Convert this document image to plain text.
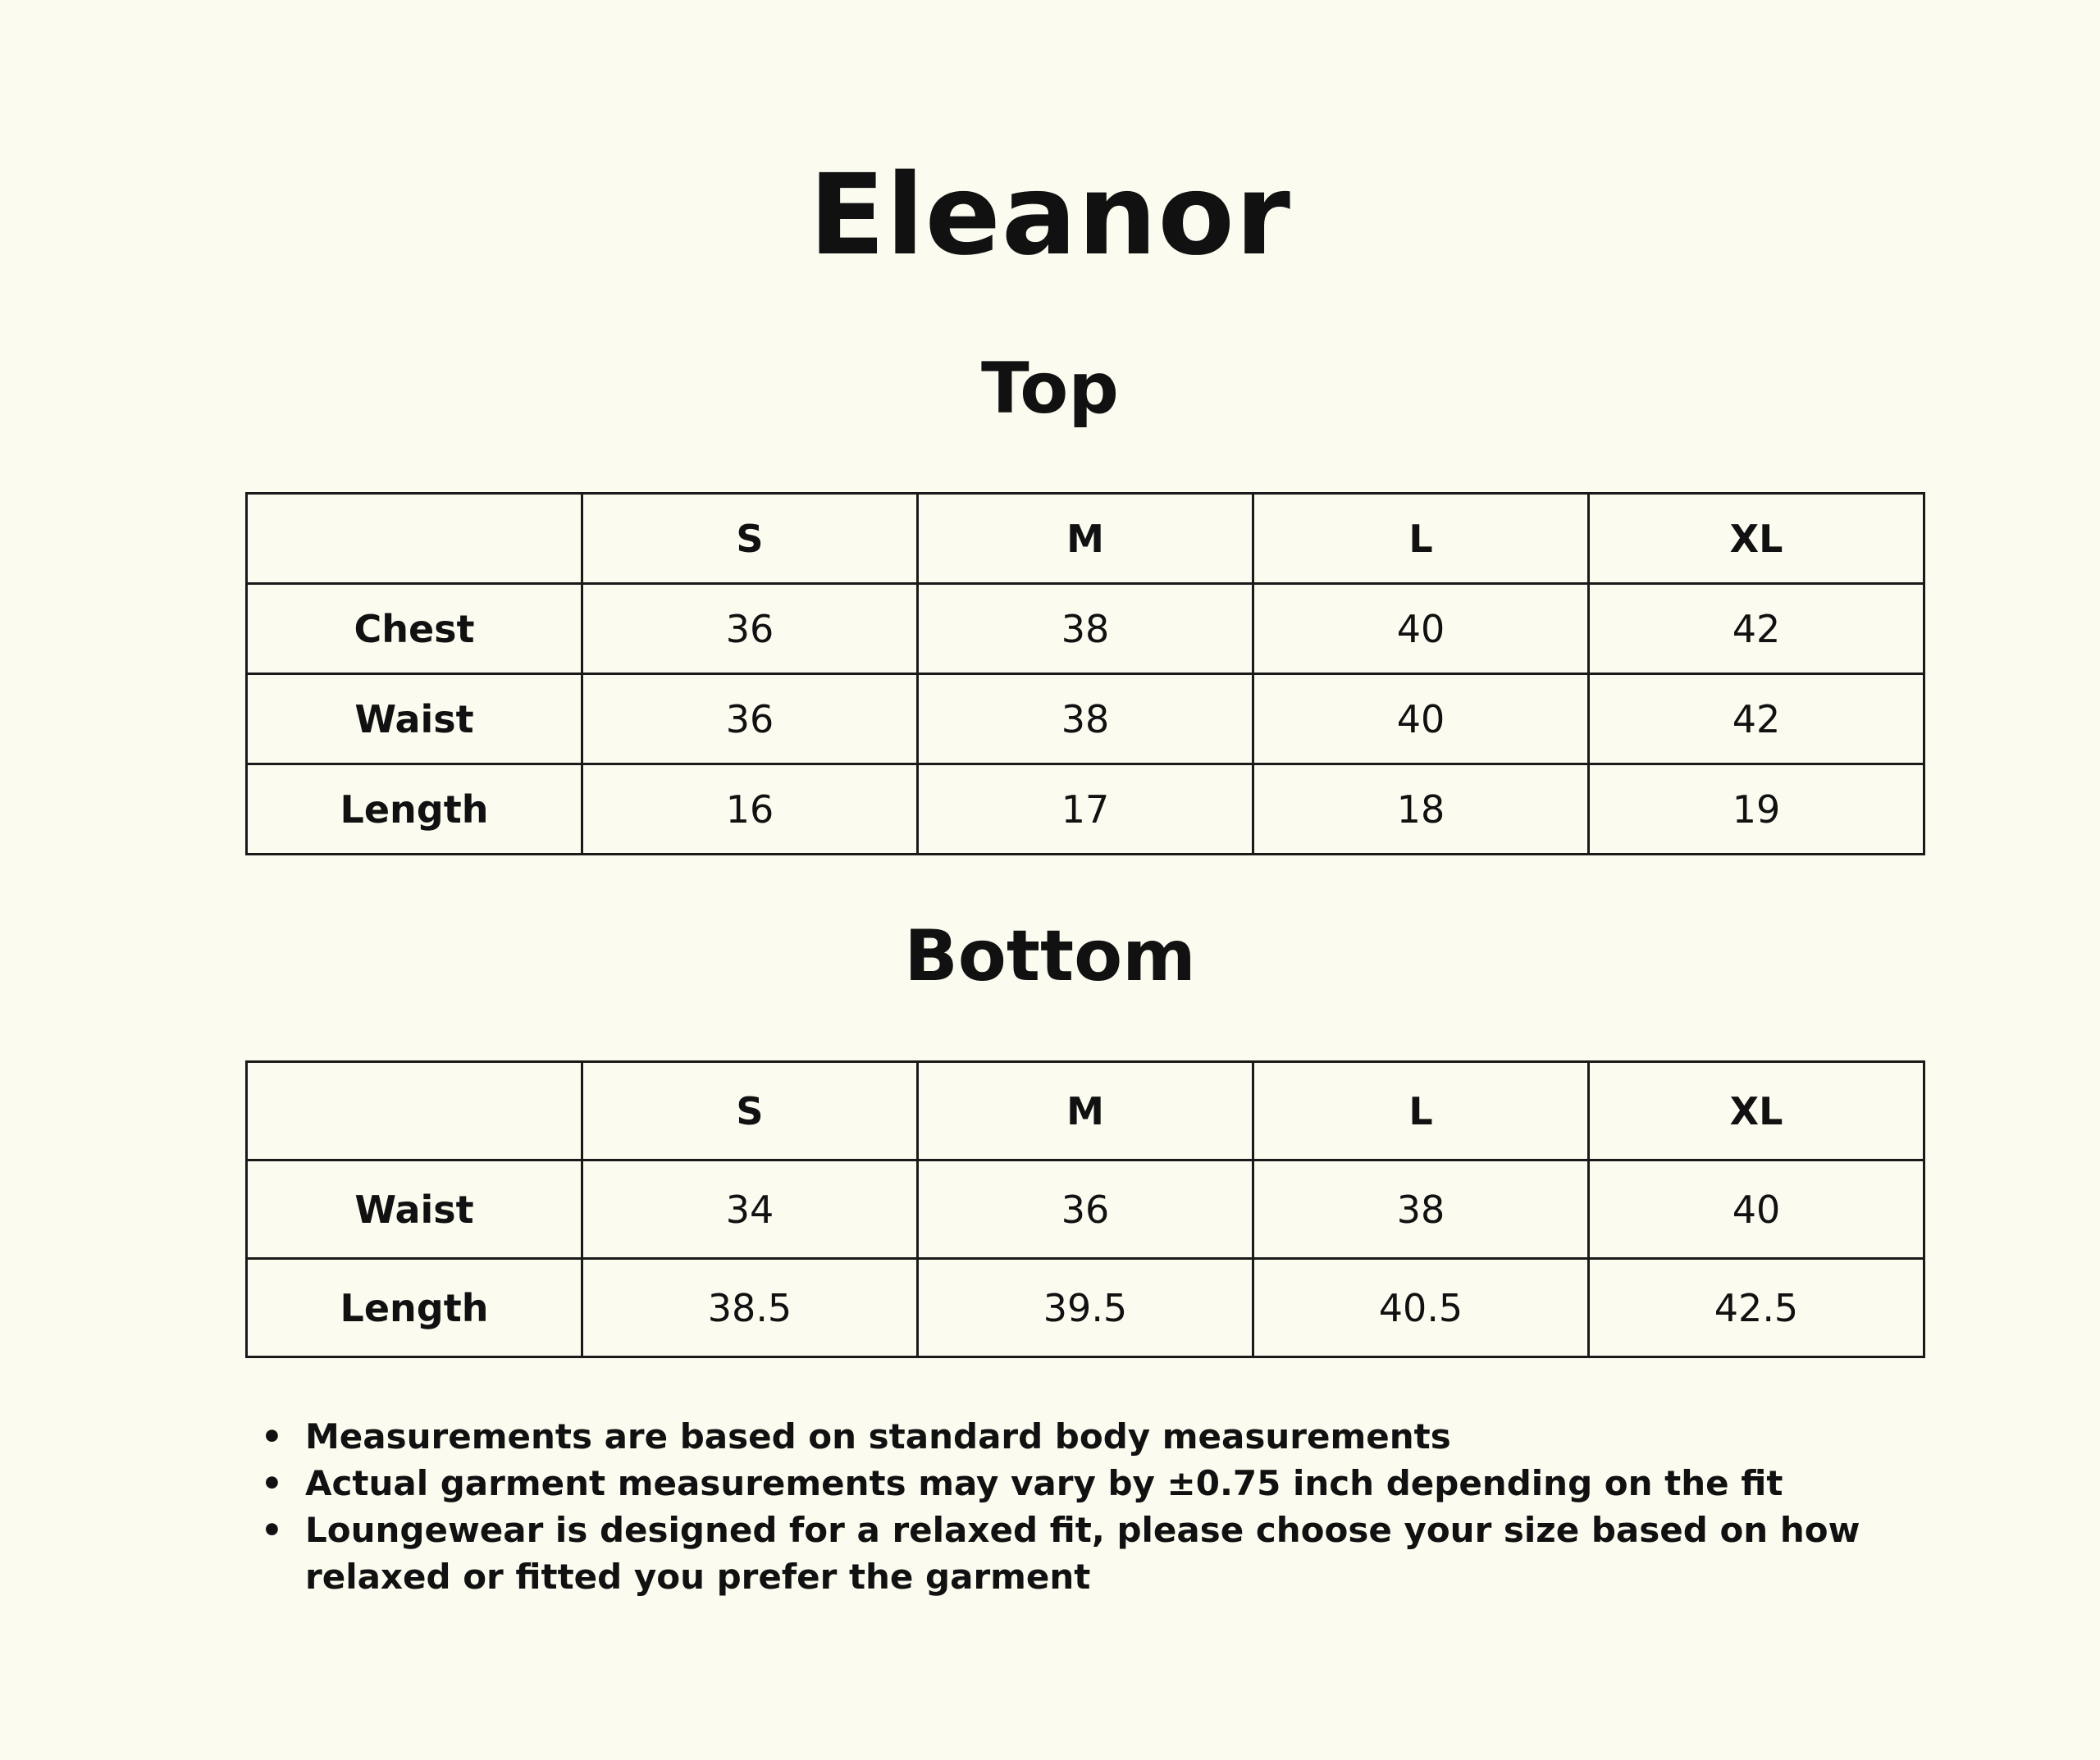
Eleanor
Top
	S	M	L	XL
Chest	36	38	40	42
Waist	36	38	40	42
Length	16	17	18	19
Bottom
	S	M	L	XL
Waist	34	36	38	40
Length	38.5	39.5	40.5	42.5
• Measurements are based on standard body measurements
• Actual garment measurements may vary by ±0.75 inch depending on the fit
• Loungewear is designed for a relaxed fit, please choose your size based on how relaxed or fitted you prefer the garment
